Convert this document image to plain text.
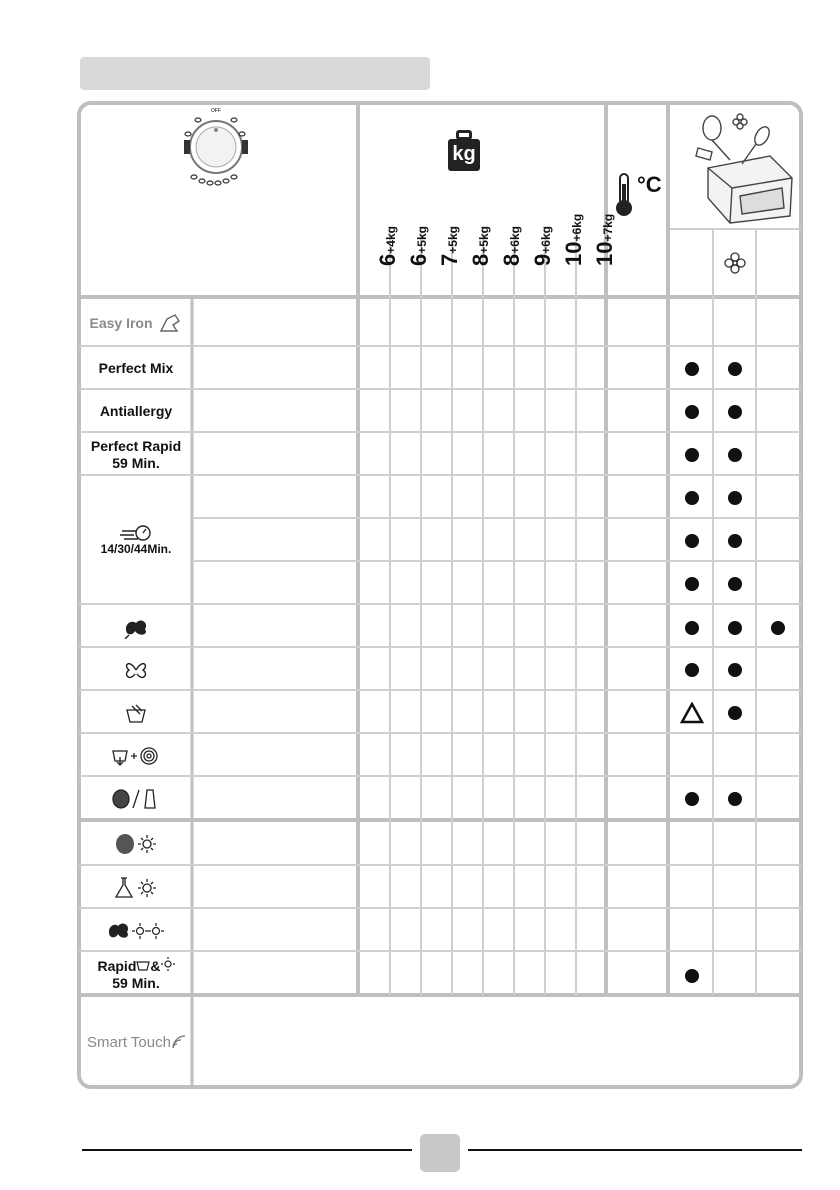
OFF
kg
6+4kg
6+5kg
7+5kg
8+5kg
8+6kg
9+6kg
10+6kg
10+7kg
°C
Easy Iron
Perfect Mix
Antiallergy
Perfect Rapid
59 Min.
14/30/44Min.
Rapid &
59 Min.
Smart Touch
